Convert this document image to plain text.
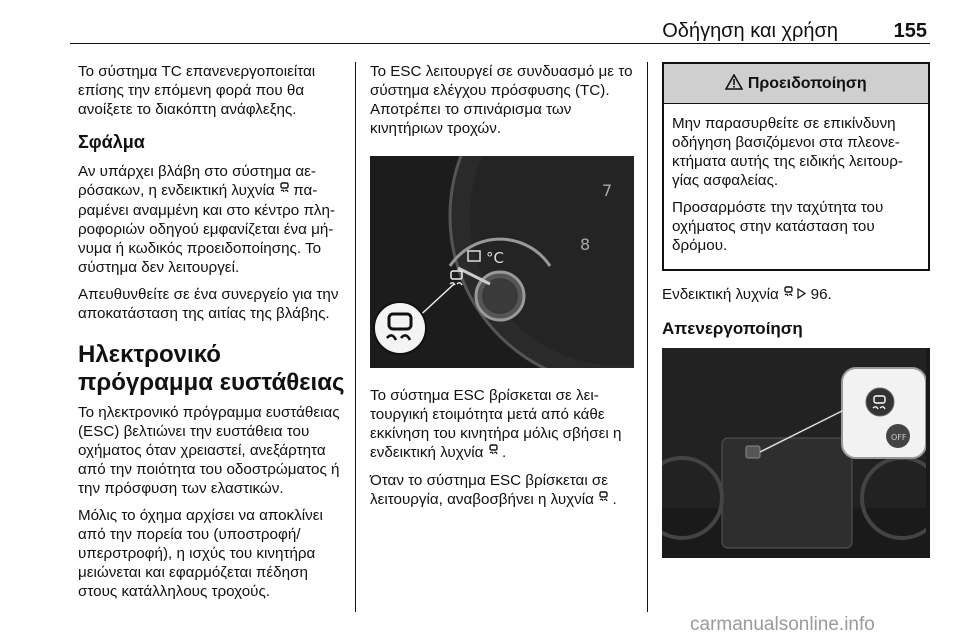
Οδήγηση και χρήση	155

Το σύστημα TC επανενεργοποιείται επίσης την επόμενη φορά που θα ανοίξετε το διακόπτη ανάφλεξης.

Σφάλμα

Αν υπάρχει βλάβη στο σύστημα αερόσακων, η ενδεικτική λυχνία παραμένει αναμμένη και στο κέντρο πληροφοριών οδηγού εμφανίζεται ένα μήνυμα ή κωδικός προειδοποίησης. Το σύστημα δεν λειτουργεί.

Απευθυνθείτε σε ένα συνεργείο για την αποκατάσταση της αιτίας της βλάβης.

Ηλεκτρονικό πρόγραμμα ευστάθειας

Το ηλεκτρονικό πρόγραμμα ευστάθειας (ESC) βελτιώνει την ευστάθεια του οχήματος όταν χρειαστεί, ανεξάρτητα από την ποιότητα του οδοστρώματος ή την πρόσφυση των ελαστικών.

Μόλις το όχημα αρχίσει να αποκλίνει από την πορεία του (υποστροφή/ υπερστροφή), η ισχύς του κινητήρα μειώνεται και εφαρμόζεται πέδηση στους κατάλληλους τροχούς.

Το ESC λειτουργεί σε συνδυασμό με το σύστημα ελέγχου πρόσφυσης (TC). Αποτρέπει το σπινάρισμα των κινητήριων τροχών.

7
8
°C

Το σύστημα ESC βρίσκεται σε λειτουργική ετοιμότητα μετά από κάθε εκκίνηση του κινητήρα μόλις σβήσει η ενδεικτική λυχνία .

Όταν το σύστημα ESC βρίσκεται σε λειτουργία, αναβοσβήνει η λυχνία .

Προειδοποίηση

Μην παρασυρθείτε σε επικίνδυνη οδήγηση βασιζόμενοι στα πλεονεκτήματα αυτής της ειδικής λειτουργίας ασφαλείας.

Προσαρμόστε την ταχύτητα του οχήματος στην κατάσταση του δρόμου.

Ενδεικτική λυχνία 96.

Απενεργοποίηση
OFF
carmanualsonline.info
